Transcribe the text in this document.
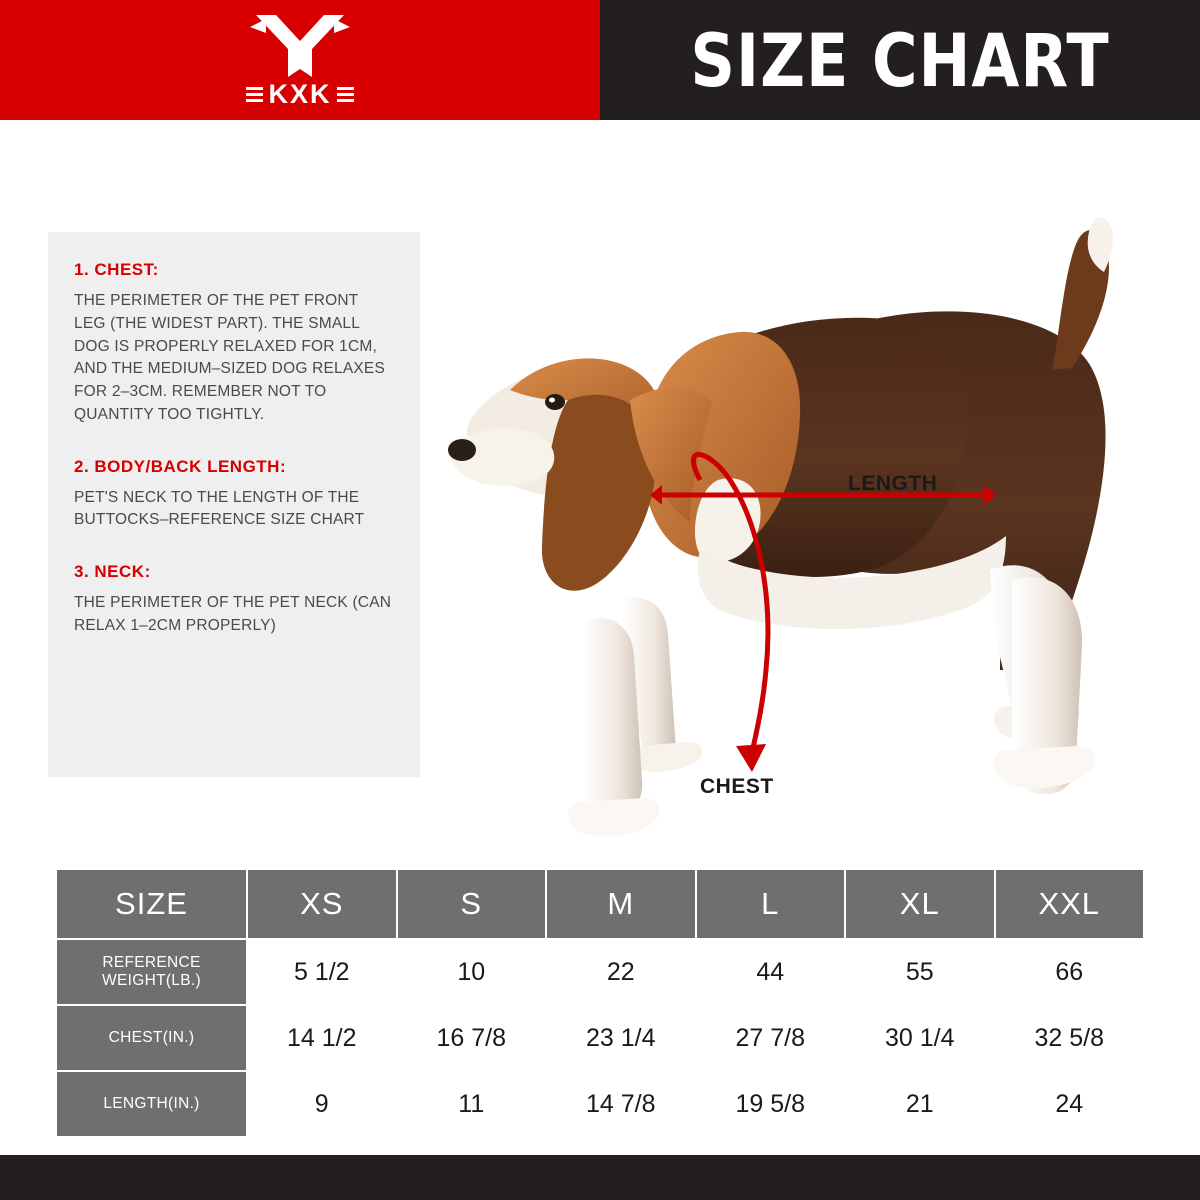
KXK	SIZE CHART
1. CHEST:
THE PERIMETER OF THE PET FRONT LEG (THE WIDEST PART). THE SMALL DOG IS PROPERLY RELAXED FOR 1CM, AND THE MEDIUM–SIZED DOG RELAXES FOR 2–3CM. REMEMBER NOT TO QUANTITY TOO TIGHTLY.
2. BODY/BACK LENGTH:
PET'S NECK TO THE LENGTH OF THE BUTTOCKS–REFERENCE SIZE CHART
3. NECK:
THE PERIMETER OF THE PET NECK (CAN RELAX 1–2CM PROPERLY)
LENGTH
CHEST
SIZE	XS	S	M	L	XL	XXL
REFERENCE WEIGHT(LB.)	5 1/2	10	22	44	55	66
CHEST(IN.)	14 1/2	16 7/8	23 1/4	27 7/8	30 1/4	32 5/8
LENGTH(IN.)	9	11	14 7/8	19 5/8	21	24
